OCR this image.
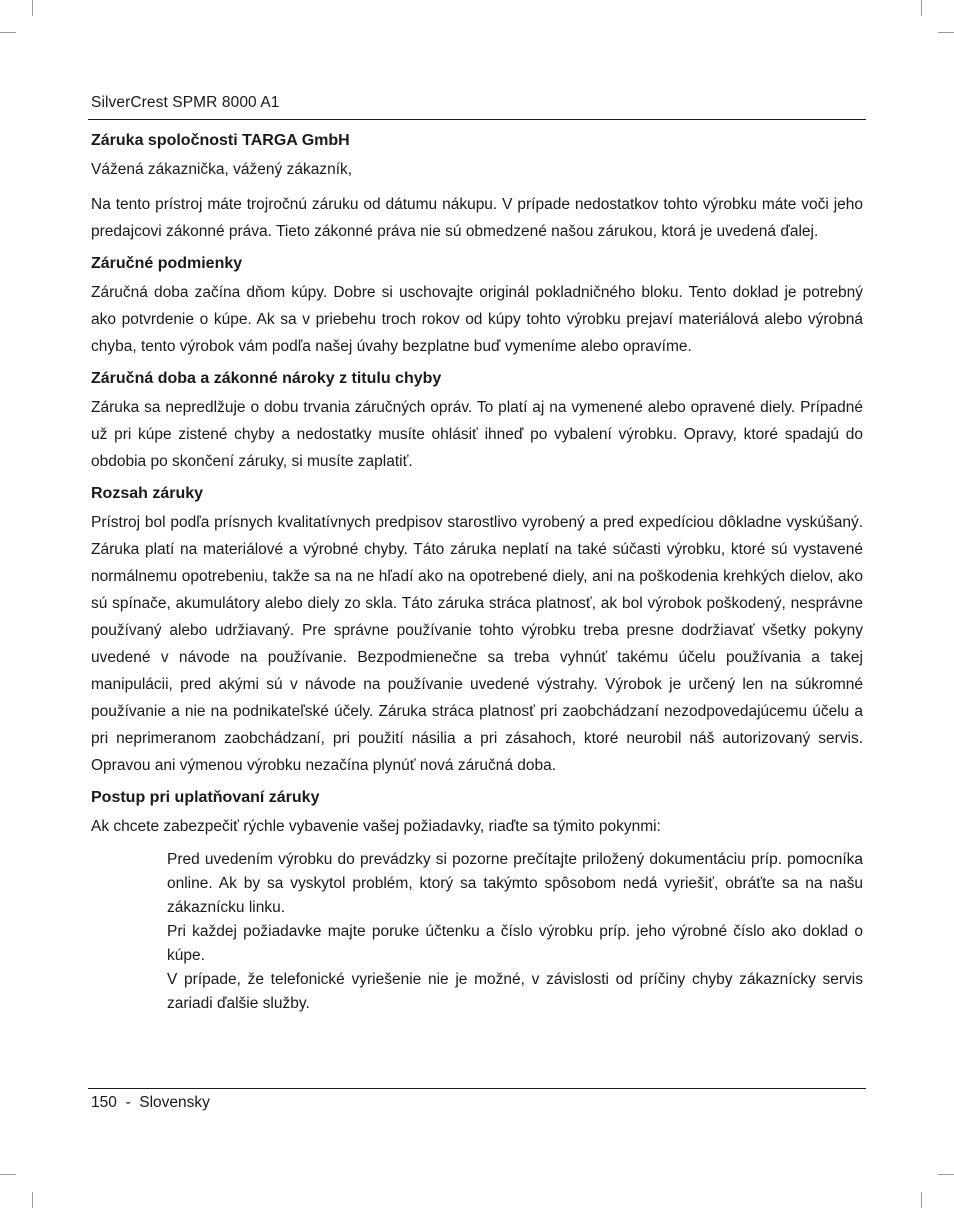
SilverCrest SPMR 8000 A1
Záruka spoločnosti TARGA GmbH

Vážená zákaznička, vážený zákazník,

Na tento prístroj máte trojročnú záruku od dátumu nákupu. V prípade nedostatkov tohto výrobku máte voči jeho predajcovi zákonné práva. Tieto zákonné práva nie sú obmedzené našou zárukou, ktorá je uvedená ďalej.

Záručné podmienky

Záručná doba začína dňom kúpy. Dobre si uschovajte originál pokladničného bloku. Tento doklad je potrebný ako potvrdenie o kúpe. Ak sa v priebehu troch rokov od kúpy tohto výrobku prejaví materiálová alebo výrobná chyba, tento výrobok vám podľa našej úvahy bezplatne buď vymeníme alebo opravíme.

Záručná doba a zákonné nároky z titulu chyby

Záruka sa nepredlžuje o dobu trvania záručných opráv. To platí aj na vymenené alebo opravené diely. Prípadné už pri kúpe zistené chyby a nedostatky musíte ohlásiť ihneď po vybalení výrobku. Opravy, ktoré spadajú do obdobia po skončení záruky, si musíte zaplatiť.

Rozsah záruky

Prístroj bol podľa prísnych kvalitatívnych predpisov starostlivo vyrobený a pred expedíciou dôkladne vyskúšaný. Záruka platí na materiálové a výrobné chyby. Táto záruka neplatí na také súčasti výrobku, ktoré sú vystavené normálnemu opotrebeniu, takže sa na ne hľadí ako na opotrebené diely, ani na poškodenia krehkých dielov, ako sú spínače, akumulátory alebo diely zo skla. Táto záruka stráca platnosť, ak bol výrobok poškodený, nesprávne používaný alebo udržiavaný. Pre správne používanie tohto výrobku treba presne dodržiavať všetky pokyny uvedené v návode na používanie. Bezpodmienečne sa treba vyhnúť takému účelu používania a takej manipulácii, pred akými sú v návode na používanie uvedené výstrahy. Výrobok je určený len na súkromné používanie a nie na podnikateľské účely. Záruka stráca platnosť pri zaobchádzaní nezodpovedajúcemu účelu a pri neprimeranom zaobchádzaní, pri použití násilia a pri zásahoch, ktoré neurobil náš autorizovaný servis. Opravou ani výmenou výrobku nezačína plynúť nová záručná doba.

Postup pri uplatňovaní záruky

Ak chcete zabezpečiť rýchle vybavenie vašej požiadavky, riaďte sa týmito pokynmi:

Pred uvedením výrobku do prevádzky si pozorne prečítajte priložený dokumentáciu príp. pomocníka online. Ak by sa vyskytol problém, ktorý sa takýmto spôsobom nedá vyriešiť, obráťte sa na našu zákaznícku linku.

Pri každej požiadavke majte poruke účtenku a číslo výrobku príp. jeho výrobné číslo ako doklad o kúpe.

V prípade, že telefonické vyriešenie nie je možné, v závislosti od príčiny chyby zákaznícky servis zariadi ďalšie služby.

150  -  Slovensky
